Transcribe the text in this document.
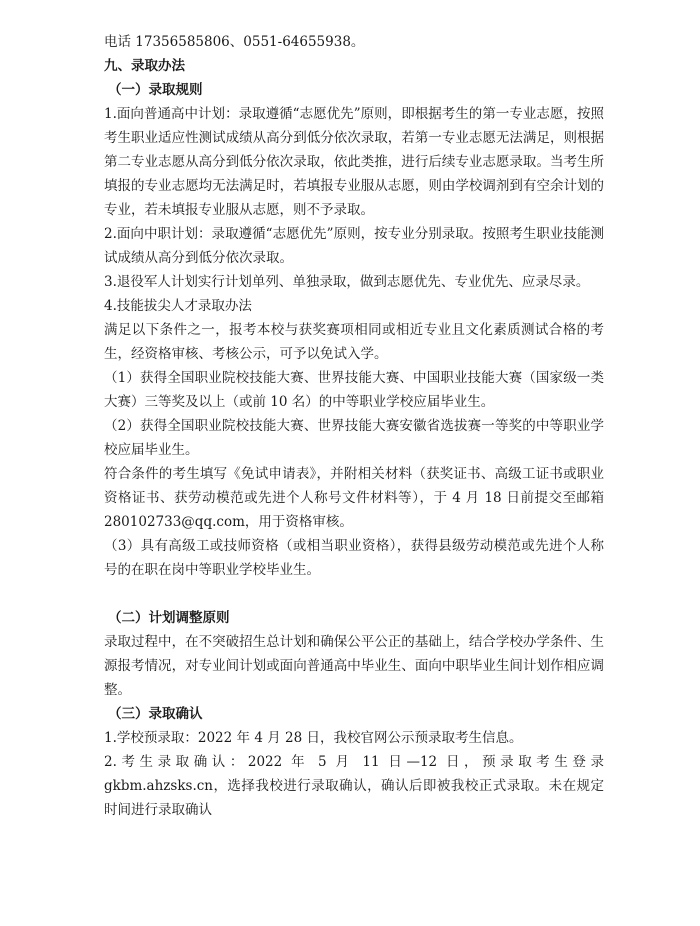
电话 17356585806、0551-64655938。
九、录取办法
（一）录取规则
1.面向普通高中计划：录取遵循“志愿优先”原则，即根据考生的第一专业志愿，按照考生职业适应性测试成绩从高分到低分依次录取，若第一专业志愿无法满足，则根据第二专业志愿从高分到低分依次录取，依此类推，进行后续专业志愿录取。当考生所填报的专业志愿均无法满足时，若填报专业服从志愿，则由学校调剂到有空余计划的专业，若未填报专业服从志愿，则不予录取。
2.面向中职计划：录取遵循“志愿优先”原则，按专业分别录取。按照考生职业技能测试成绩从高分到低分依次录取。
3.退役军人计划实行计划单列、单独录取，做到志愿优先、专业优先、应录尽录。
4.技能拔尖人才录取办法
满足以下条件之一，报考本校与获奖赛项相同或相近专业且文化素质测试合格的考生，经资格审核、考核公示，可予以免试入学。
（1）获得全国职业院校技能大赛、世界技能大赛、中国职业技能大赛（国家级一类大赛）三等奖及以上（或前 10 名）的中等职业学校应届毕业生。
（2）获得全国职业院校技能大赛、世界技能大赛安徽省选拔赛一等奖的中等职业学校应届毕业生。
符合条件的考生填写《免试申请表》，并附相关材料（获奖证书、高级工证书或职业资格证书、获劳动模范或先进个人称号文件材料等），于 4 月 18 日前提交至邮箱 280102733@qq.com，用于资格审核。
（3）具有高级工或技师资格（或相当职业资格），获得县级劳动模范或先进个人称号的在职在岗中等职业学校毕业生。
（二）计划调整原则
录取过程中，在不突破招生总计划和确保公平公正的基础上，结合学校办学条件、生源报考情况，对专业间计划或面向普通高中毕业生、面向中职毕业生间计划作相应调整。
（三）录取确认
1.学校预录取：2022 年 4 月 28 日，我校官网公示预录取考生信息。
2.考生录取确认：2022 年 5 月 11 日—12 日，预录取考生登录 gkbm.ahzsks.cn，选择我校进行录取确认，确认后即被我校正式录取。未在规定时间进行录取确认
